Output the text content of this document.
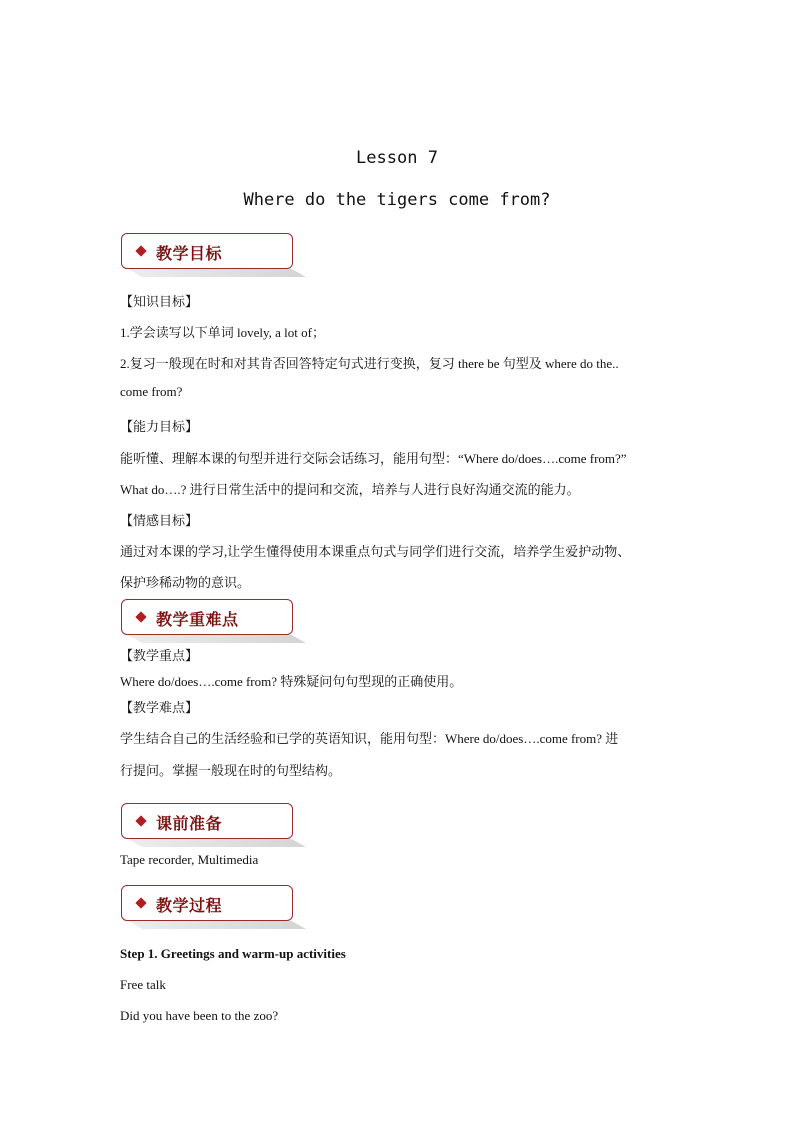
Lesson 7
Where do the tigers come from?
教学目标
【知识目标】
1.学会读写以下单词 lovely, a lot of；
2.复习一般现在时和对其肯否回答特定句式进行变换，复习 there be 句型及 where do the..
come from?
【能力目标】
能听懂、理解本课的句型并进行交际会话练习，能用句型：“Where do/does….come from?”
What do….? 进行日常生活中的提问和交流，培养与人进行良好沟通交流的能力。
【情感目标】
通过对本课的学习,让学生懂得使用本课重点句式与同学们进行交流，培养学生爱护动物、
保护珍稀动物的意识。
教学重难点
【教学重点】
Where do/does….come from? 特殊疑问句句型现的正确使用。
【教学难点】
学生结合自己的生活经验和已学的英语知识，能用句型：Where do/does….come from? 进
行提问。掌握一般现在时的句型结构。
课前准备
Tape recorder, Multimedia
教学过程
Step 1. Greetings and warm-up activities
Free talk
Did you have been to the zoo?
